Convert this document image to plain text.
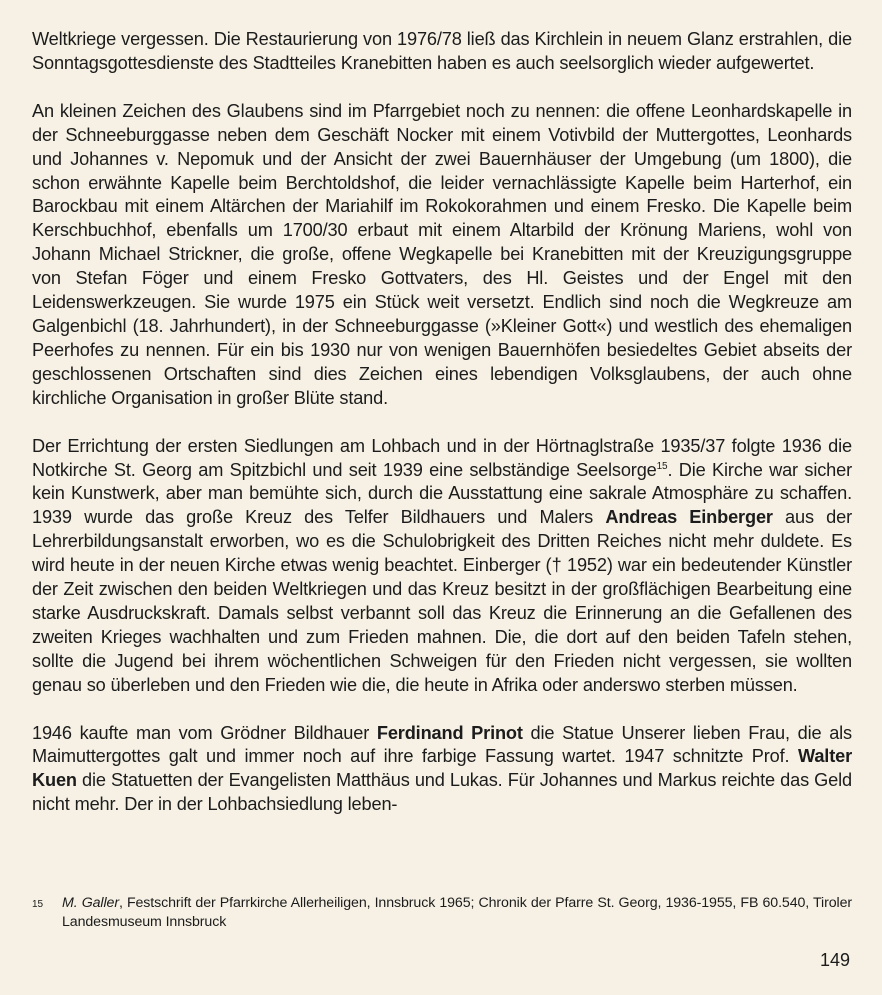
Weltkriege vergessen. Die Restaurierung von 1976/78 ließ das Kirchlein in neuem Glanz erstrahlen, die Sonntagsgottesdienste des Stadtteiles Kranebitten haben es auch seelsorglich wieder aufgewertet.

An kleinen Zeichen des Glaubens sind im Pfarrgebiet noch zu nennen: die offene Leonhardskapelle in der Schneeburggasse neben dem Geschäft Nocker mit einem Votivbild der Muttergottes, Leonhards und Johannes v. Nepomuk und der Ansicht der zwei Bauernhäuser der Umgebung (um 1800), die schon erwähnte Kapelle beim Berchtoldshof, die leider vernachlässigte Kapelle beim Harterhof, ein Barockbau mit einem Altärchen der Mariahilf im Rokokorahmen und einem Fresko. Die Kapelle beim Kerschbuchhof, ebenfalls um 1700/30 erbaut mit einem Altarbild der Krönung Mariens, wohl von Johann Michael Strickner, die große, offene Wegkapelle bei Kranebitten mit der Kreuzigungsgruppe von Stefan Föger und einem Fresko Gottvaters, des Hl. Geistes und der Engel mit den Leidenswerkzeugen. Sie wurde 1975 ein Stück weit versetzt. Endlich sind noch die Wegkreuze am Galgenbichl (18. Jahrhundert), in der Schneeburggasse (»Kleiner Gott«) und westlich des ehemaligen Peerhofes zu nennen. Für ein bis 1930 nur von wenigen Bauernhöfen besiedeltes Gebiet abseits der geschlossenen Ortschaften sind dies Zeichen eines lebendigen Volksglaubens, der auch ohne kirchliche Organisation in großer Blüte stand.

Der Errichtung der ersten Siedlungen am Lohbach und in der Hörtnaglstraße 1935/37 folgte 1936 die Notkirche St. Georg am Spitzbichl und seit 1939 eine selbständige Seelsorge$^{15}$. Die Kirche war sicher kein Kunstwerk, aber man bemühte sich, durch die Ausstattung eine sakrale Atmosphäre zu schaffen. 1939 wurde das große Kreuz des Telfer Bildhauers und Malers Andreas Einberger aus der Lehrerbildungsanstalt erworben, wo es die Schulobrigkeit des Dritten Reiches nicht mehr duldete. Es wird heute in der neuen Kirche etwas wenig beachtet. Einberger († 1952) war ein bedeutender Künstler der Zeit zwischen den beiden Weltkriegen und das Kreuz besitzt in der großflächigen Bearbeitung eine starke Ausdruckskraft. Damals selbst verbannt soll das Kreuz die Erinnerung an die Gefallenen des zweiten Krieges wachhalten und zum Frieden mahnen. Die, die dort auf den beiden Tafeln stehen, sollte die Jugend bei ihrem wöchentlichen Schweigen für den Frieden nicht vergessen, sie wollten genau so überleben und den Frieden wie die, die heute in Afrika oder anderswo sterben müssen.

1946 kaufte man vom Grödner Bildhauer Ferdinand Prinot die Statue Unserer lieben Frau, die als Maimuttergottes galt und immer noch auf ihre farbige Fassung wartet. 1947 schnitzte Prof. Walter Kuen die Statuetten der Evangelisten Matthäus und Lukas. Für Johannes und Markus reichte das Geld nicht mehr. Der in der Lohbachsiedlung leben-

15	M. Galler, Festschrift der Pfarrkirche Allerheiligen, Innsbruck 1965; Chronik der Pfarre St. Georg, 1936-1955, FB 60.540, Tiroler Landesmuseum Innsbruck
149
